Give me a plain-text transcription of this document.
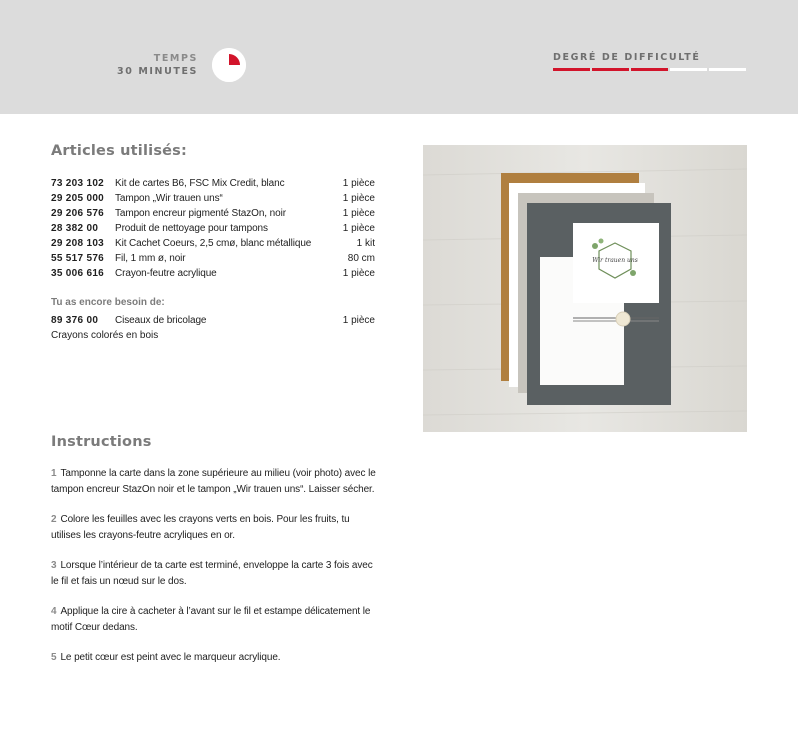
TEMPS
30 MINUTES
DEGRÉ DE DIFFICULTÉ
Articles utilisés:
73 203 102	Kit de cartes B6, FSC Mix Credit, blanc	1 pièce
29 205 000	Tampon „Wir trauen uns“	1 pièce
29 206 576	Tampon encreur pigmenté StazOn, noir	1 pièce
28 382 00	Produit de nettoyage pour tampons	1 pièce
29 208 103	Kit Cachet Coeurs, 2,5 cmø, blanc métallique	1 kit
55 517 576	Fil, 1 mm ø, noir	80 cm
35 006 616	Crayon-feutre acrylique	1 pièce
Tu as encore besoin de:
89 376 00	Ciseaux de bricolage	1 pièce
Crayons colorés en bois
Wir trauen uns
Instructions
1 Tamponne la carte dans la zone supérieure au milieu (voir photo) avec le tampon encreur StazOn noir et le tampon „Wir trauen uns“. Laisser sécher.
2 Colore les feuilles avec les crayons verts en bois. Pour les fruits, tu utilises les crayons-feutre acryliques en or.
3 Lorsque l’intérieur de ta carte est terminé, enveloppe la carte 3 fois avec le fil et fais un nœud sur le dos.
4 Applique la cire à cacheter à l’avant sur le fil et estampe délicatement le motif Cœur dedans.
5 Le petit cœur est peint avec le marqueur acrylique.
